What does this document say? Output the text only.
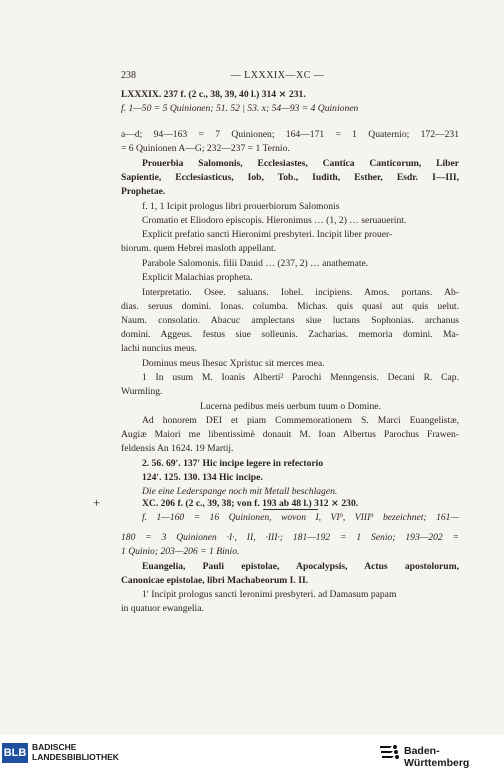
238	— LXXXIX—XC —
LXXXIX. 237 f. (2 c., 38, 39, 40 l.) 314 ⨯ 231.
f. 1—50 = 5 Quinionen; 51. 52 | 53. x; 54—93 = 4 Quinionen
a—d; 94—163 = 7 Quinionen; 164—171 = 1 Quaternio; 172—231
= 6 Quinionen A—G; 232—237 = 1 Ternio.
Prouerbia Salomonis, Ecclesiastes, Cantica Canticorum, Liber
Sapientie, Ecclesiasticus, Iob, Tob., Iudith, Esther, Esdr. I—III,
Prophetae.
f. 1, 1 Icipit prologus libri prouerbiorum Salomonis
Cromatio et Eliodoro episcopis. Hieronimus … (1, 2) … seruauerint.
Explicit prefatio sancti Hieronimi presbyteri. Incipit liber prouer-
biorum. quem Hebrei masloth appellant.
Parabole Salomonis. filii Dauid … (237, 2) … anathemate.
Explicit Malachias propheta.
Interpretatio. Osee. saluans. Iohel. incipiens. Amos. portans. Ab-
dias. seruus domini. Ionas. columba. Michas. quis quasi aut quis uelut.
Naum. consolatio. Abacuc amplectans siue luctans Sophonias. archanus
domini. Aggeus. festus siue solleunis. Zacharias. memoria domini. Ma-
lachi nuncius meus.
Dominus meus Ihesuc Xpristuc sit merces mea.
1 In usum M. Ioanis Alberti² Parochi Menngensis. Decani R. Cap.
Wurmling.
Lucerna pedibus meis uerbum tuum o Domine.
Ad honorem DEI et piam Commemorationem S. Marci Euangelistæ,
Augiæ Maiori me libentissimè donauit M. Ioan Albertus Parochus Frawen-
feldensis An 1624. 19 Martij.
2. 56. 69ʹ. 137ʹ Hic incipe legere in refectorio
124ʹ. 125. 130. 134 Hic incipe.
Die eine Lederspange noch mit Metall beschlagen.
+	XC. 206 f. (2 c., 39, 38; von f. 193 ab 48 l.) 312 ⨯ 230.
f. 1—160 = 16 Quinionen, wovon I, VI⁹, VIII⁹ bezeichnet; 161—
180 = 3 Quinionen ·I·, II, ·III·; 181—192 = 1 Senio; 193—202 =
1 Quinio; 203—206 = 1 Binio.
Euangelia, Pauli epistolae, Apocalypsis, Actus apostolorum,
Canonicae epistolae, libri Machabeorum I. II.
1ʹ Incipit prologus sancti Ieronimi presbyteri. ad Damasum papam
in quatuor ewangelia.
BLB BADISCHE
LANDESBIBLIOTHEK	Baden-Württemberg
